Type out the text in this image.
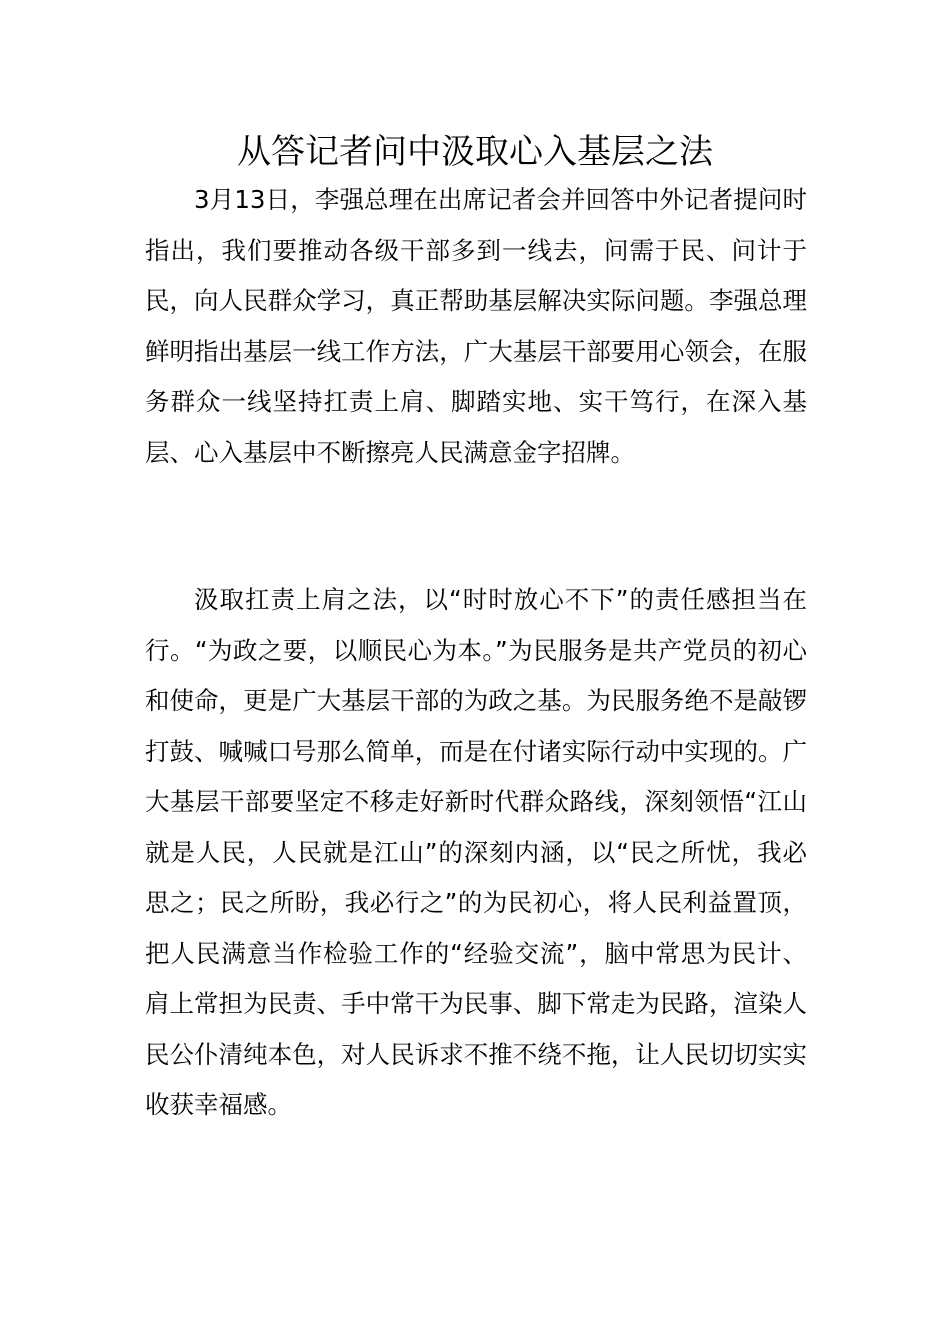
从答记者问中汲取心入基层之法

3月13日，李强总理在出席记者会并回答中外记者提问时指出，我们要推动各级干部多到一线去，问需于民、问计于民，向人民群众学习，真正帮助基层解决实际问题。李强总理鲜明指出基层一线工作方法，广大基层干部要用心领会，在服务群众一线坚持扛责上肩、脚踏实地、实干笃行，在深入基层、心入基层中不断擦亮人民满意金字招牌。

汲取扛责上肩之法，以“时时放心不下”的责任感担当在行。“为政之要，以顺民心为本。”为民服务是共产党员的初心和使命，更是广大基层干部的为政之基。为民服务绝不是敲锣打鼓、喊喊口号那么简单，而是在付诸实际行动中实现的。广大基层干部要坚定不移走好新时代群众路线，深刻领悟“江山就是人民，人民就是江山”的深刻内涵，以“民之所忧，我必思之；民之所盼，我必行之”的为民初心，将人民利益置顶，把人民满意当作检验工作的“经验交流”，脑中常思为民计、肩上常担为民责、手中常干为民事、脚下常走为民路，渲染人民公仆清纯本色，对人民诉求不推不绕不拖，让人民切切实实收获幸福感。
